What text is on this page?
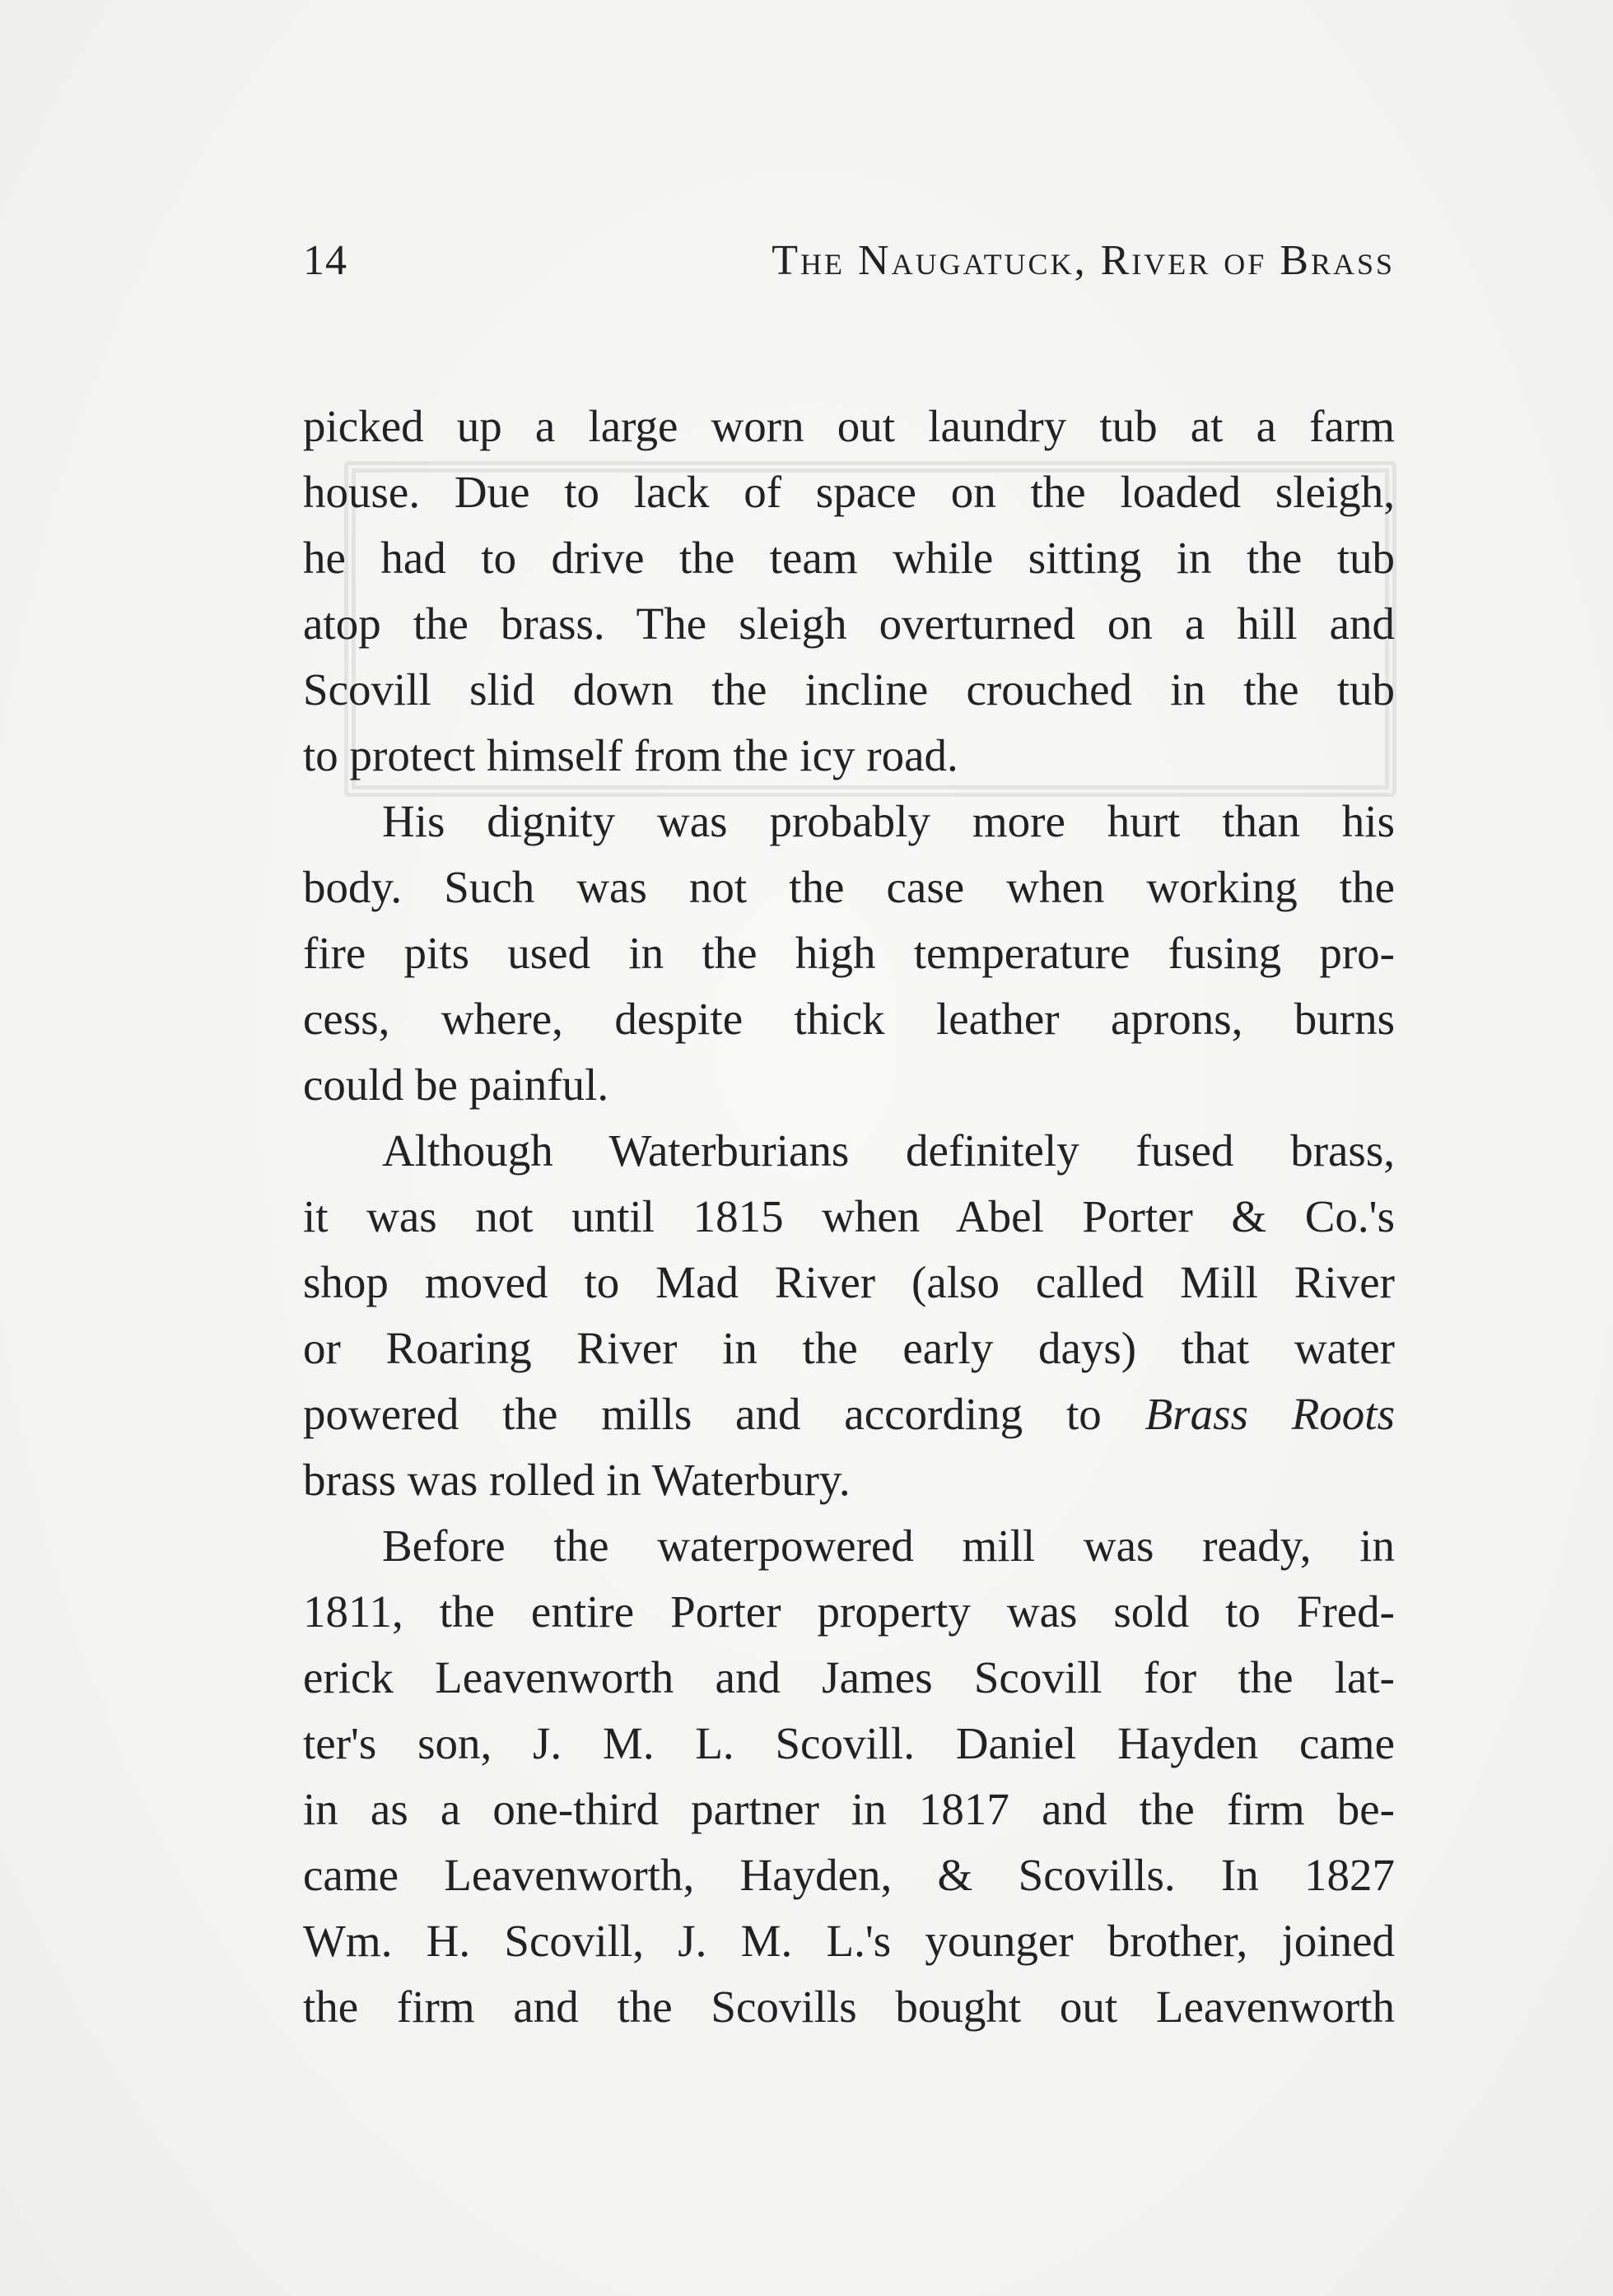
14	The Naugatuck, River of Brass
picked up a large worn out laundry tub at a farm
house. Due to lack of space on the loaded sleigh,
he had to drive the team while sitting in the tub
atop the brass. The sleigh overturned on a hill and
Scovill slid down the incline crouched in the tub
to protect himself from the icy road.
His dignity was probably more hurt than his
body. Such was not the case when working the
fire pits used in the high temperature fusing pro-
cess, where, despite thick leather aprons, burns
could be painful.
Although Waterburians definitely fused brass,
it was not until 1815 when Abel Porter & Co.'s
shop moved to Mad River (also called Mill River
or Roaring River in the early days) that water
powered the mills and according to Brass Roots
brass was rolled in Waterbury.
Before the waterpowered mill was ready, in
1811, the entire Porter property was sold to Fred-
erick Leavenworth and James Scovill for the lat-
ter's son, J. M. L. Scovill. Daniel Hayden came
in as a one-third partner in 1817 and the firm be-
came Leavenworth, Hayden, & Scovills. In 1827
Wm. H. Scovill, J. M. L.'s younger brother, joined
the firm and the Scovills bought out Leavenworth
